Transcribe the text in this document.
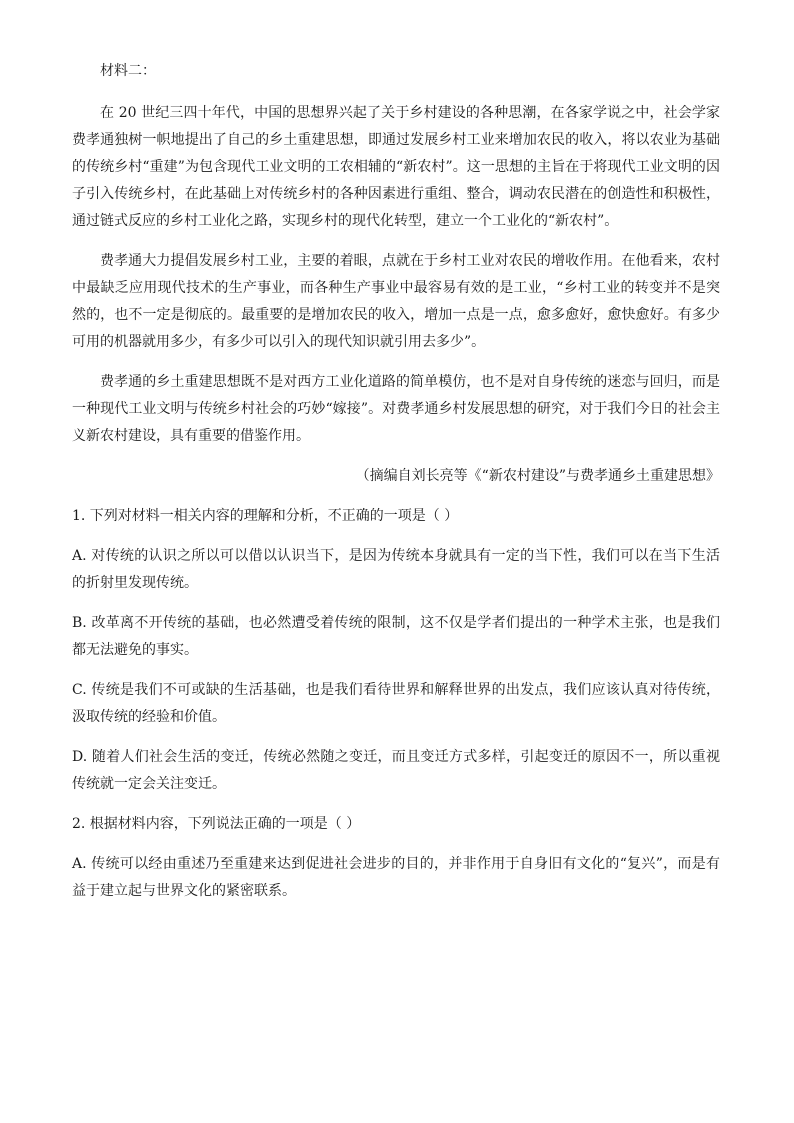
材料二：

在 20 世纪三四十年代，中国的思想界兴起了关于乡村建设的各种思潮，在各家学说之中，社会学家费孝通独树一帜地提出了自己的乡土重建思想，即通过发展乡村工业来增加农民的收入，将以农业为基础的传统乡村“重建”为包含现代工业文明的工农相辅的“新农村”。这一思想的主旨在于将现代工业文明的因子引入传统乡村，在此基础上对传统乡村的各种因素进行重组、整合，调动农民潜在的创造性和积极性，通过链式反应的乡村工业化之路，实现乡村的现代化转型，建立一个工业化的“新农村”。

费孝通大力提倡发展乡村工业，主要的着眼，点就在于乡村工业对农民的增收作用。在他看来，农村中最缺乏应用现代技术的生产事业，而各种生产事业中最容易有效的是工业，“乡村工业的转变并不是突然的，也不一定是彻底的。最重要的是增加农民的收入，增加一点是一点，愈多愈好，愈快愈好。有多少可用的机器就用多少，有多少可以引入的现代知识就引用去多少”。

费孝通的乡土重建思想既不是对西方工业化道路的简单模仿，也不是对自身传统的迷恋与回归，而是一种现代工业文明与传统乡村社会的巧妙“嫁接”。对费孝通乡村发展思想的研究，对于我们今日的社会主义新农村建设，具有重要的借鉴作用。

（摘编自刘长亮等《“新农村建设”与费孝通乡土重建思想》

1. 下列对材料一相关内容的理解和分析，不正确的一项是（ ）

A. 对传统的认识之所以可以借以认识当下，是因为传统本身就具有一定的当下性，我们可以在当下生活的折射里发现传统。

B. 改革离不开传统的基础，也必然遭受着传统的限制，这不仅是学者们提出的一种学术主张，也是我们都无法避免的事实。

C. 传统是我们不可或缺的生活基础，也是我们看待世界和解释世界的出发点，我们应该认真对待传统，汲取传统的经验和价值。

D. 随着人们社会生活的变迁，传统必然随之变迁，而且变迁方式多样，引起变迁的原因不一，所以重视传统就一定会关注变迁。

2. 根据材料内容，下列说法正确的一项是（ ）

A. 传统可以经由重述乃至重建来达到促进社会进步的目的，并非作用于自身旧有文化的“复兴”，而是有益于建立起与世界文化的紧密联系。
